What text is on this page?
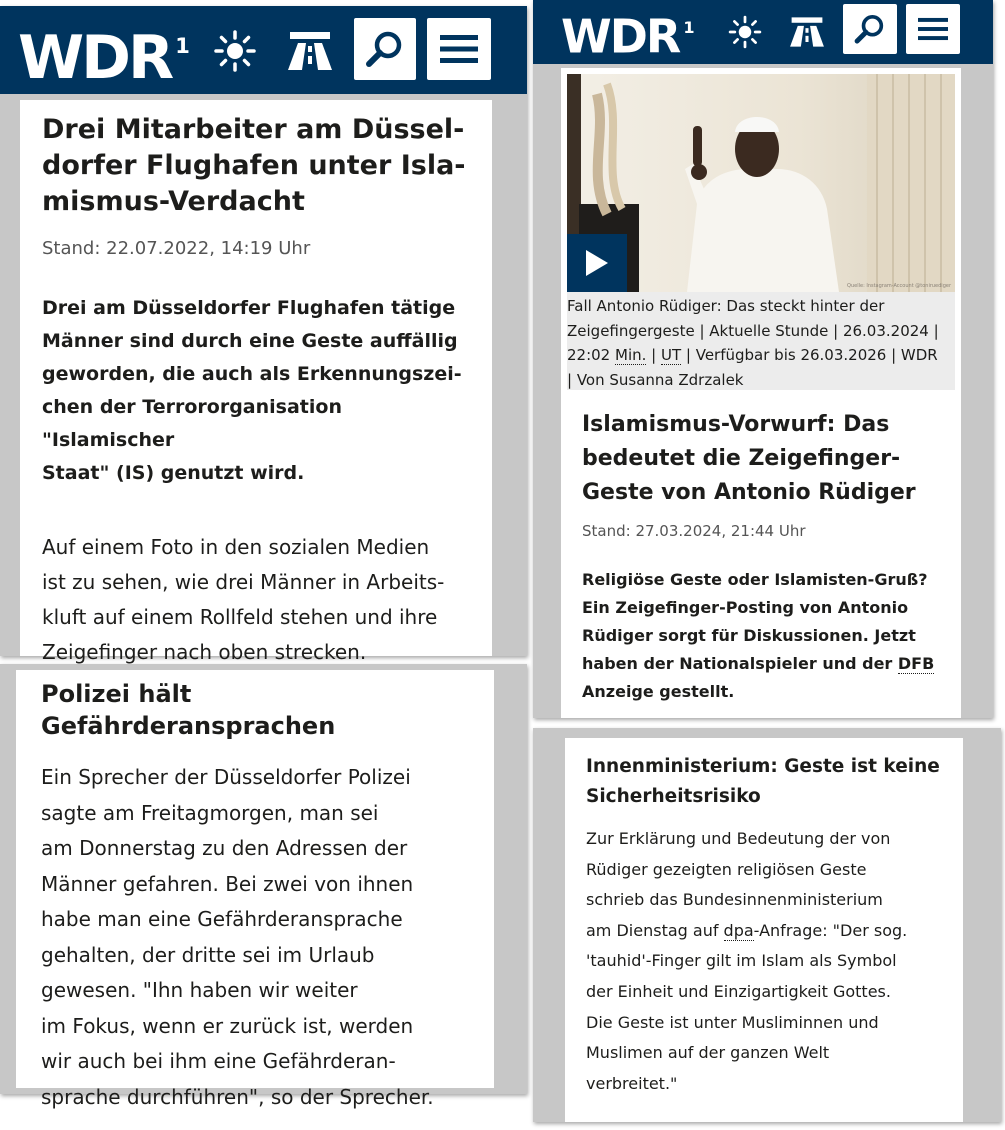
WDR $^1$
Drei Mitarbeiter am Düssel-
dorfer Flughafen unter Isla-
mismus-Verdacht
Stand: 22.07.2022, 14:19 Uhr
Drei am Düsseldorfer Flughafen tätige
Männer sind durch eine Geste auffällig
geworden, die auch als Erkennungszei-
chen der Terrororganisation "Islamischer
Staat" (IS) genutzt wird.
Auf einem Foto in den sozialen Medien
ist zu sehen, wie drei Männer in Arbeits-
kluft auf einem Rollfeld stehen und ihre
Zeigefinger nach oben strecken.
Polizei hält Gefährderansprachen
Ein Sprecher der Düsseldorfer Polizei
sagte am Freitagmorgen, man sei
am Donnerstag zu den Adressen der
Männer gefahren. Bei zwei von ihnen
habe man eine Gefährderansprache
gehalten, der dritte sei im Urlaub
gewesen. "Ihn haben wir weiter
im Fokus, wenn er zurück ist, werden
wir auch bei ihm eine Gefährderan-
sprache durchführen", so der Sprecher.
WDR $^1$
Quelle: Instagram-Account @toniruediger
Fall Antonio Rüdiger: Das steckt hinter der
Zeigefingergeste | Aktuelle Stunde | 26.03.2024 |
22:02 Min. | UT | Verfügbar bis 26.03.2026 | WDR
| Von Susanna Zdrzalek
Islamismus-Vorwurf: Das
bedeutet die Zeigefinger-
Geste von Antonio Rüdiger
Stand: 27.03.2024, 21:44 Uhr
Religiöse Geste oder Islamisten-Gruß?
Ein Zeigefinger-Posting von Antonio
Rüdiger sorgt für Diskussionen. Jetzt
haben der Nationalspieler und der DFB
Anzeige gestellt.
Innenministerium: Geste ist keine
Sicherheitsrisiko
Zur Erklärung und Bedeutung der von
Rüdiger gezeigten religiösen Geste
schrieb das Bundesinnenministerium
am Dienstag auf dpa-Anfrage: "Der sog.
'tauhid'-Finger gilt im Islam als Symbol
der Einheit und Einzigartigkeit Gottes.
Die Geste ist unter Musliminnen und
Muslimen auf der ganzen Welt
verbreitet."
